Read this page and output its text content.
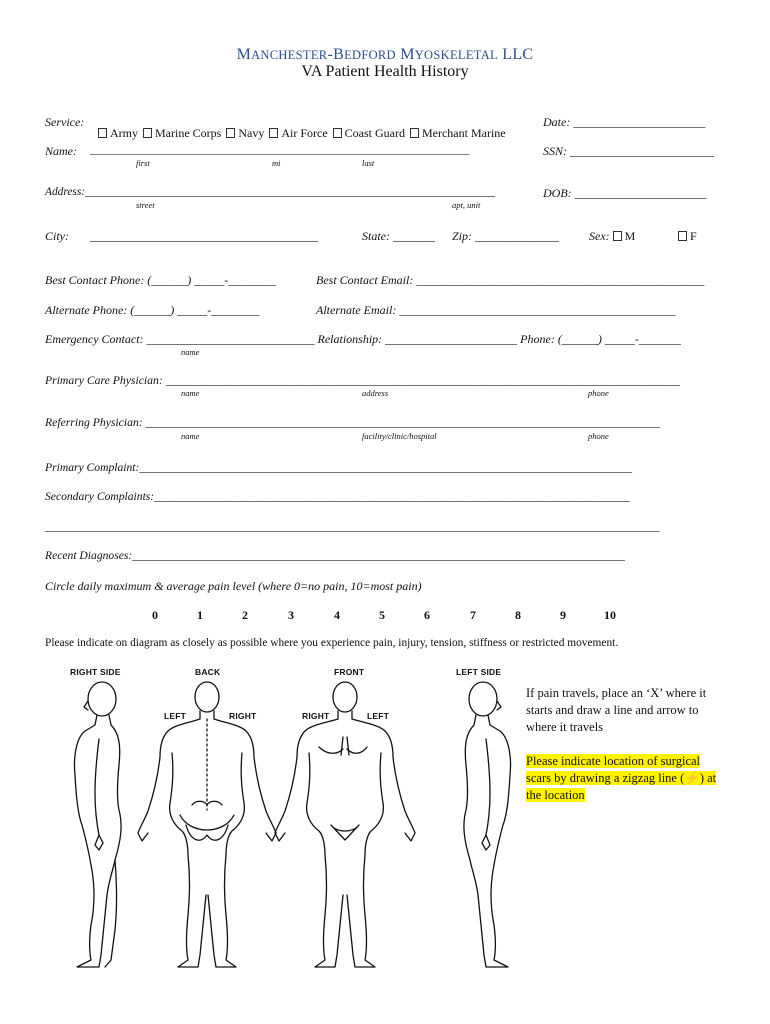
MANCHESTER-BEDFORD MYOSKELETAL LLC
VA Patient Health History
Service:

Army Marine Corps Navy Air Force Coast Guard Merchant Marine

Date: ______________________
Name: _____________________________________________________________________
first	mi	last
SSN: ________________________
Address:________________________________________________________________________
street	apt, unit
DOB: ______________________
City: ______________________________________	State: _______ Zip: ______________ Sex: M	F
Best Contact Phone: (______) _____-________	Best Contact Email: ________________________________________________
Alternate Phone: (______) _____-________	Alternate Email: ______________________________________________
Emergency Contact: ____________________________ Relationship: ______________________ Phone: (______) _____-_______
name
Primary Care Physician: ________________________________________________________________________________________
name	address	phone
Referring Physician: ________________________________________________________________________________________
name	facility/clinic/hospital	phone
Primary Complaint:_____________________________________________________________________________________
Secondary Complaints:__________________________________________________________________________________
__________________________________________________________________________________________________________
Recent Diagnoses:_____________________________________________________________________________________
Circle daily maximum & average pain level (where 0=no pain, 10=most pain)
0	1	2	3	4	5	6	7	8	9	10
Please indicate on diagram as closely as possible where you experience pain, injury, tension, stiffness or restricted movement.
RIGHT SIDE	BACK	FRONT	LEFT SIDE
LEFT	RIGHT	RIGHT	LEFT
If pain travels, place an ‘X’ where it starts and draw a line and arrow to where it travels
Please indicate location of surgical scars by drawing a zigzag line (⚡) at the location
